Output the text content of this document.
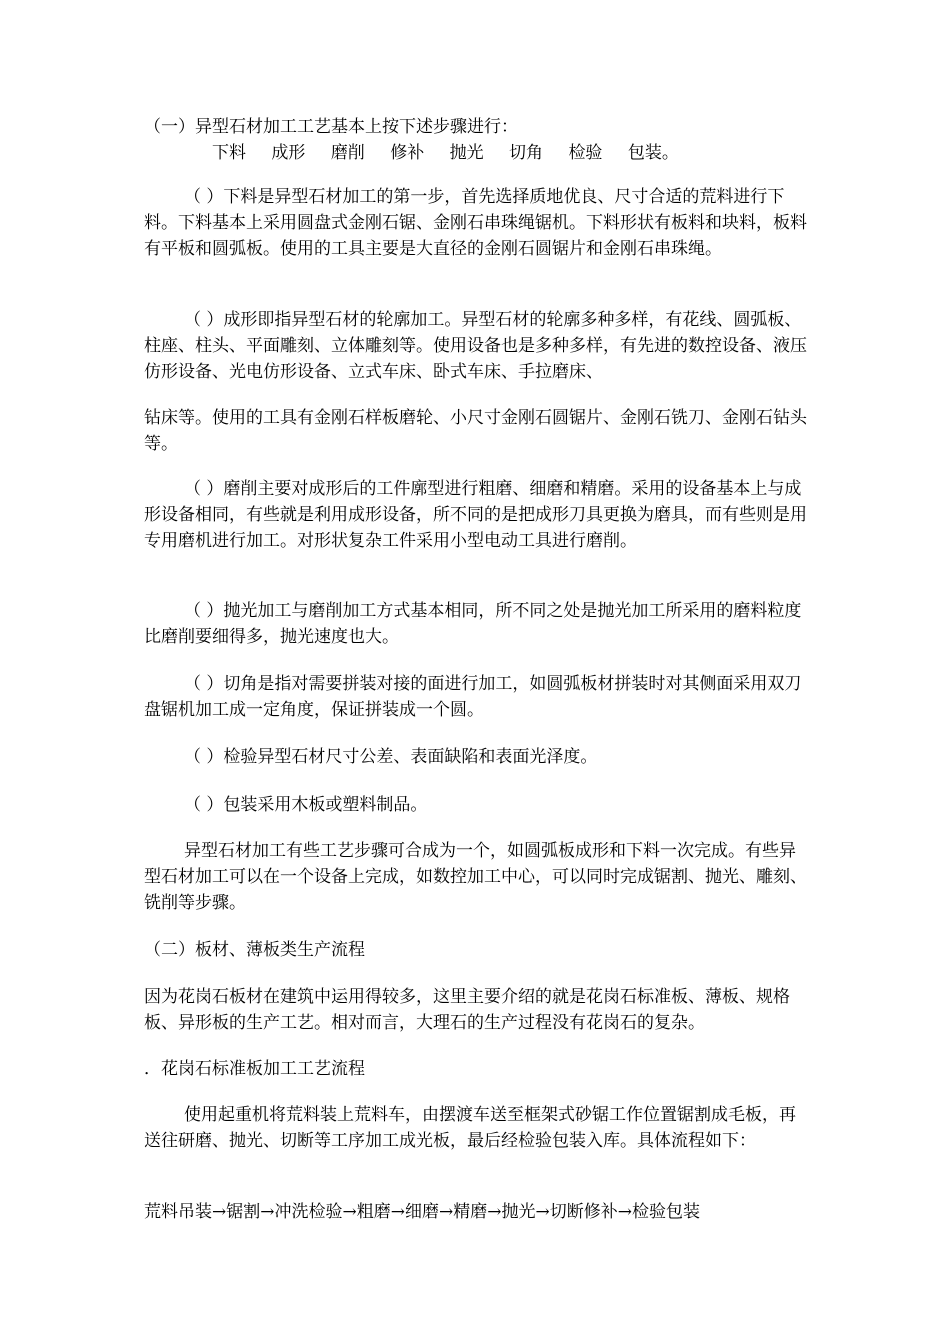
（一）异型石材加工工艺基本上按下述步骤进行：

下料 成形 磨削 修补 抛光 切角 检验 包装。

（ ）下料是异型石材加工的第一步，首先选择质地优良、尺寸合适的荒料进行下料。下料基本上采用圆盘式金刚石锯、金刚石串珠绳锯机。下料形状有板料和块料，板料有平板和圆弧板。使用的工具主要是大直径的金刚石圆锯片和金刚石串珠绳。

（ ）成形即指异型石材的轮廓加工。异型石材的轮廓多种多样，有花线、圆弧板、柱座、柱头、平面雕刻、立体雕刻等。使用设备也是多种多样，有先进的数控设备、液压仿形设备、光电仿形设备、立式车床、卧式车床、手拉磨床、

钻床等。使用的工具有金刚石样板磨轮、小尺寸金刚石圆锯片、金刚石铣刀、金刚石钻头等。

（ ）磨削主要对成形后的工件廓型进行粗磨、细磨和精磨。采用的设备基本上与成形设备相同，有些就是利用成形设备，所不同的是把成形刀具更换为磨具，而有些则是用专用磨机进行加工。对形状复杂工件采用小型电动工具进行磨削。

（ ）抛光加工与磨削加工方式基本相同，所不同之处是抛光加工所采用的磨料粒度比磨削要细得多，抛光速度也大。

（ ）切角是指对需要拼装对接的面进行加工，如圆弧板材拼装时对其侧面采用双刀盘锯机加工成一定角度，保证拼装成一个圆。

（ ）检验异型石材尺寸公差、表面缺陷和表面光泽度。

（ ）包装采用木板或塑料制品。

异型石材加工有些工艺步骤可合成为一个，如圆弧板成形和下料一次完成。有些异型石材加工可以在一个设备上完成，如数控加工中心，可以同时完成锯割、抛光、雕刻、铣削等步骤。

（二）板材、薄板类生产流程

因为花岗石板材在建筑中运用得较多，这里主要介绍的就是花岗石标准板、薄板、规格板、异形板的生产工艺。相对而言，大理石的生产过程没有花岗石的复杂。

．花岗石标准板加工工艺流程

使用起重机将荒料装上荒料车，由摆渡车送至框架式砂锯工作位置锯割成毛板，再送往研磨、抛光、切断等工序加工成光板，最后经检验包装入库。具体流程如下：

荒料吊装→锯割→冲洗检验→粗磨→细磨→精磨→抛光→切断修补→检验包装
